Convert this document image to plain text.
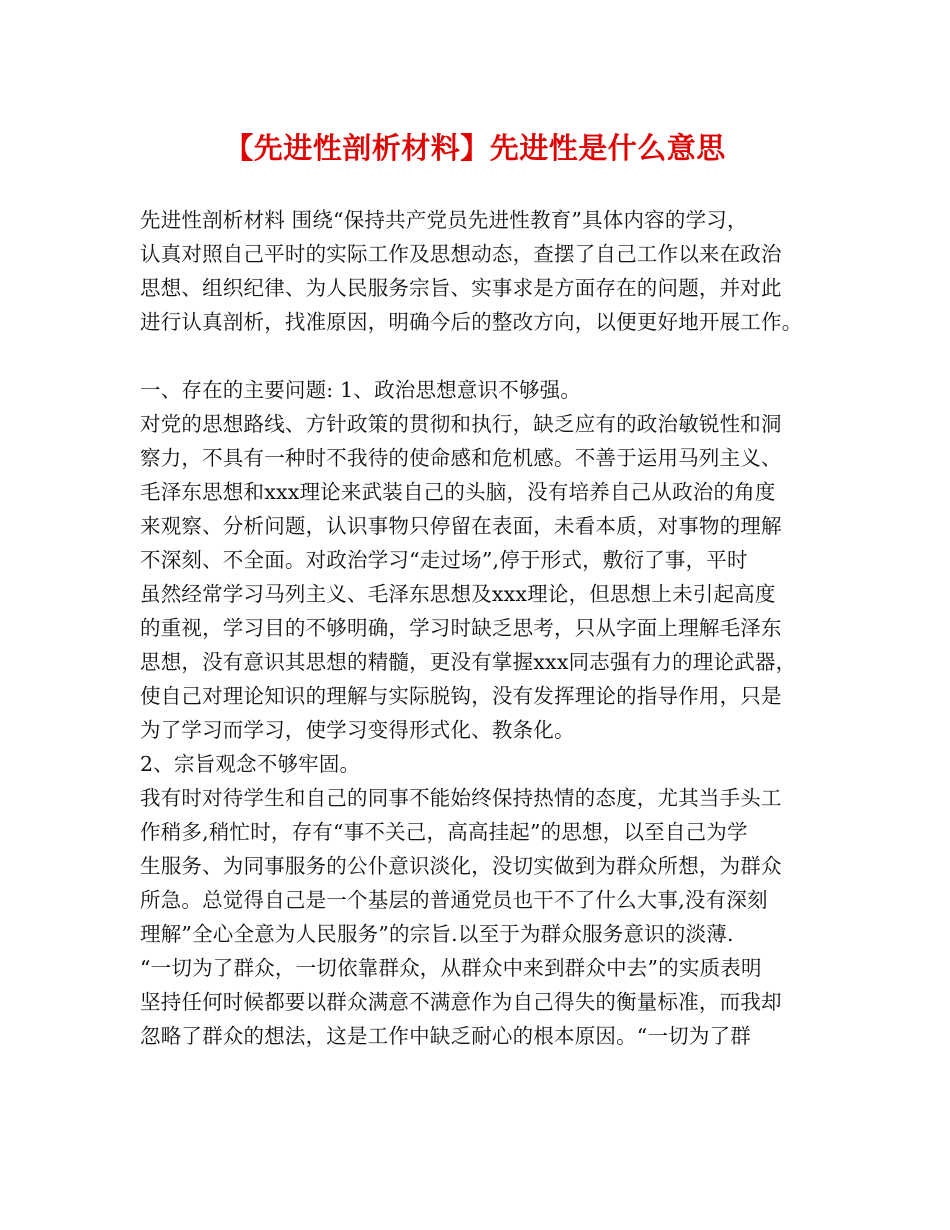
【先进性剖析材料】先进性是什么意思
先进性剖析材料 围绕“保持共产党员先进性教育”具体内容的学习，
认真对照自己平时的实际工作及思想动态，查摆了自己工作以来在政治
思想、组织纪律、为人民服务宗旨、实事求是方面存在的问题，并对此
进行认真剖析，找准原因，明确今后的整改方向，以便更好地开展工作。
一、存在的主要问题: 1、政治思想意识不够强。
对党的思想路线、方针政策的贯彻和执行，缺乏应有的政治敏锐性和洞
察力，不具有一种时不我待的使命感和危机感。不善于运用马列主义、
毛泽东思想和xxx理论来武装自己的头脑，没有培养自己从政治的角度
来观察、分析问题，认识事物只停留在表面，未看本质，对事物的理解
不深刻、不全面。对政治学习“走过场”,停于形式，敷衍了事，平时
虽然经常学习马列主义、毛泽东思想及xxx理论，但思想上未引起高度
的重视，学习目的不够明确，学习时缺乏思考，只从字面上理解毛泽东
思想，没有意识其思想的精髓，更没有掌握xxx同志强有力的理论武器，
使自己对理论知识的理解与实际脱钩，没有发挥理论的指导作用，只是
为了学习而学习，使学习变得形式化、教条化。
2、宗旨观念不够牢固。
我有时对待学生和自己的同事不能始终保持热情的态度，尤其当手头工
作稍多,稍忙时，存有“事不关己，高高挂起”的思想，以至自己为学
生服务、为同事服务的公仆意识淡化，没切实做到为群众所想，为群众
所急。总觉得自己是一个基层的普通党员也干不了什么大事,没有深刻
理解”全心全意为人民服务”的宗旨.以至于为群众服务意识的淡薄.
“一切为了群众，一切依靠群众，从群众中来到群众中去”的实质表明
坚持任何时候都要以群众满意不满意作为自己得失的衡量标准，而我却
忽略了群众的想法，这是工作中缺乏耐心的根本原因。“一切为了群
